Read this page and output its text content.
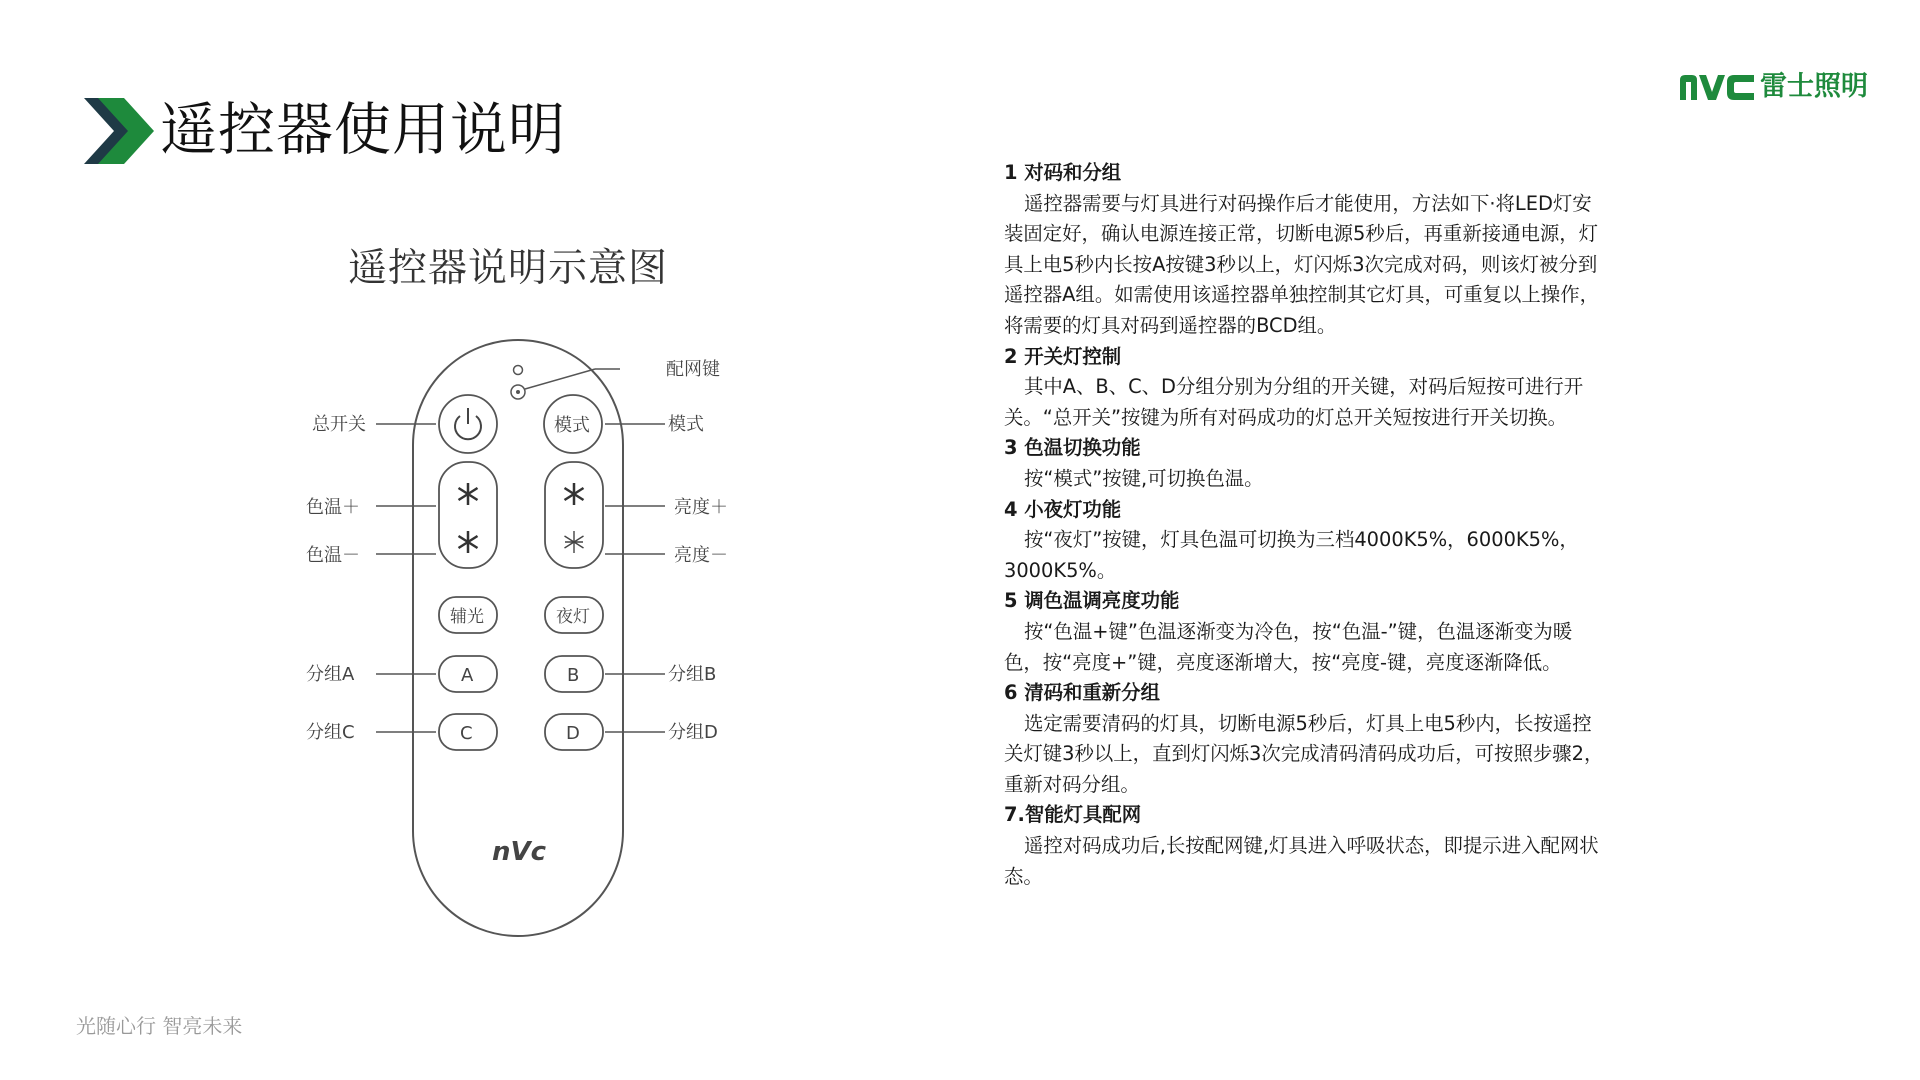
遥控器使用说明
雷士照明
遥控器说明示意图
配网键
总开关	模式	模式
色温＋
色温－
亮度＋
亮度－
辅光	夜灯
A	B
分组A	分组B
C	D
分组C	分组D
nVc

1 对码和分组

遥控器需要与灯具进行对码操作后才能使用，方法如下·将LED灯安装固定好，确认电源连接正常，切断电源5秒后，再重新接通电源，灯具上电5秒内长按A按键3秒以上，灯闪烁3次完成对码，则该灯被分到遥控器A组。如需使用该遥控器单独控制其它灯具，可重复以上操作，将需要的灯具对码到遥控器的BCD组。

2 开关灯控制

其中A、B、C、D分组分别为分组的开关键，对码后短按可进行开关。“总开关”按键为所有对码成功的灯总开关短按进行开关切换。

3 色温切换功能

按“模式”按键,可切换色温。

4 小夜灯功能

按“夜灯”按键，灯具色温可切换为三档4000K5%，6000K5%，3000K5%。

5 调色温调亮度功能

按“色温+键”色温逐渐变为冷色，按“色温-”键，色温逐渐变为暖色，按“亮度+”键，亮度逐渐增大，按“亮度-键，亮度逐渐降低。

6 清码和重新分组

选定需要清码的灯具，切断电源5秒后，灯具上电5秒内，长按遥控关灯键3秒以上，直到灯闪烁3次完成清码清码成功后，可按照步骤2，重新对码分组。

7.智能灯具配网

遥控对码成功后,长按配网键,灯具进入呼吸状态，即提示进入配网状态。

光随心行 智亮未来
